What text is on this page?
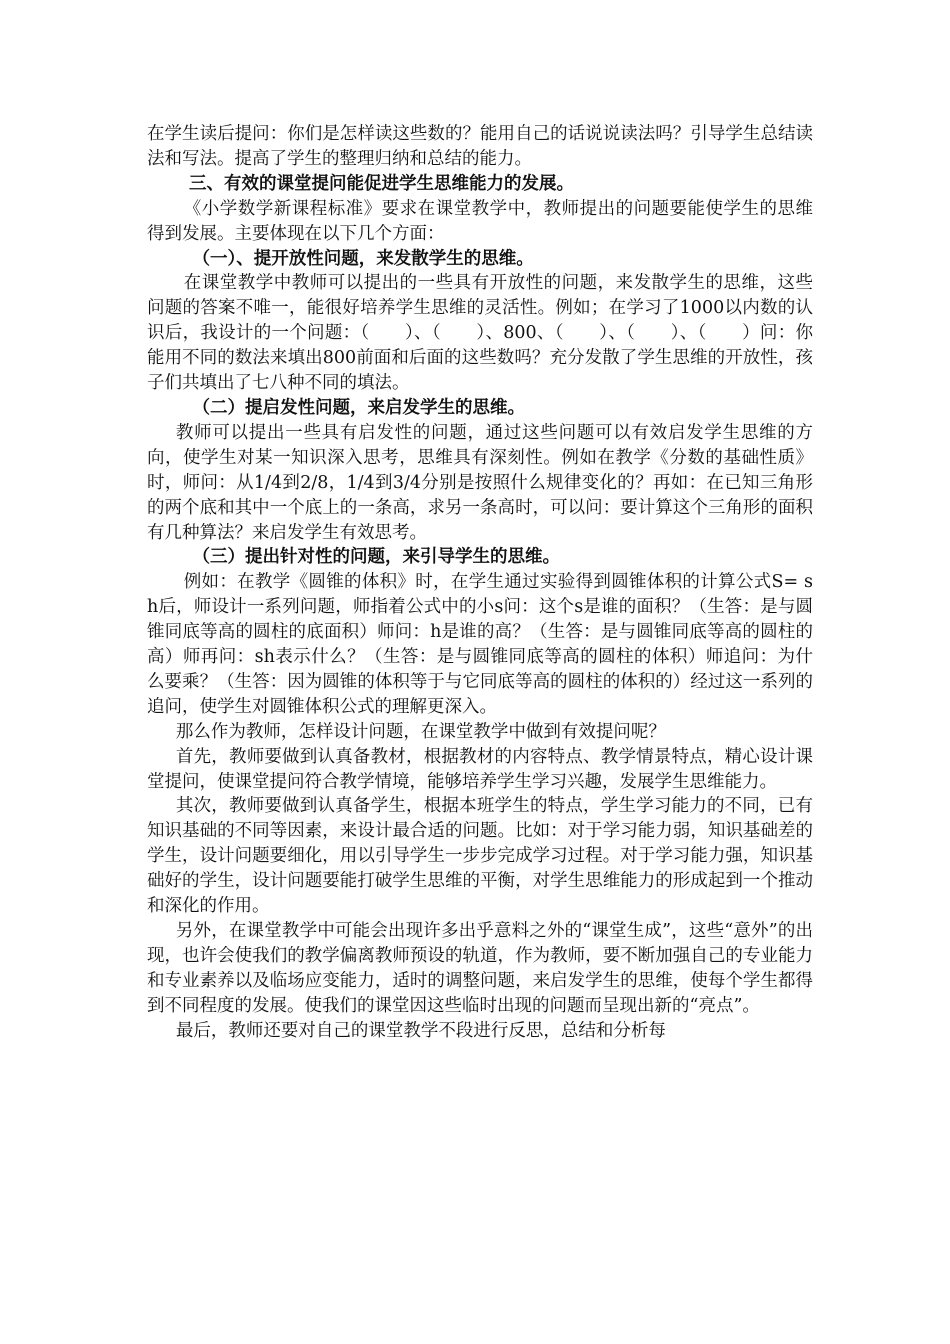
在学生读后提问：你们是怎样读这些数的？能用自己的话说说读法吗？引导学生总结读法和写法。提高了学生的整理归纳和总结的能力。

三、有效的课堂提问能促进学生思维能力的发展。

《小学数学新课程标准》要求在课堂教学中，教师提出的问题要能使学生的思维得到发展。主要体现在以下几个方面：

（一）、提开放性问题，来发散学生的思维。

在课堂教学中教师可以提出的一些具有开放性的问题，来发散学生的思维，这些问题的答案不唯一，能很好培养学生思维的灵活性。例如；在学习了1000以内数的认识后，我设计的一个问题：（　　）、（　　）、800、（　　）、（　　）、（　　）问：你能用不同的数法来填出800前面和后面的这些数吗？充分发散了学生思维的开放性，孩子们共填出了七八种不同的填法。

（二）提启发性问题，来启发学生的思维。

教师可以提出一些具有启发性的问题，通过这些问题可以有效启发学生思维的方向，使学生对某一知识深入思考，思维具有深刻性。例如在教学《分数的基础性质》时，师问：从1/4到2/8，1/4到3/4分别是按照什么规律变化的？再如：在已知三角形的两个底和其中一个底上的一条高，求另一条高时，可以问：要计算这个三角形的面积有几种算法？来启发学生有效思考。

（三）提出针对性的问题，来引导学生的思维。

例如：在教学《圆锥的体积》时，在学生通过实验得到圆锥体积的计算公式S= sh后，师设计一系列问题，师指着公式中的小s问：这个s是谁的面积？（生答：是与圆锥同底等高的圆柱的底面积）师问：h是谁的高？（生答：是与圆锥同底等高的圆柱的高）师再问：sh表示什么？（生答：是与圆锥同底等高的圆柱的体积）师追问：为什么要乘？（生答：因为圆锥的体积等于与它同底等高的圆柱的体积的）经过这一系列的追问，使学生对圆锥体积公式的理解更深入。

那么作为教师，怎样设计问题，在课堂教学中做到有效提问呢？

首先，教师要做到认真备教材，根据教材的内容特点、教学情景特点，精心设计课堂提问，使课堂提问符合教学情境，能够培养学生学习兴趣，发展学生思维能力。

其次，教师要做到认真备学生，根据本班学生的特点，学生学习能力的不同，已有知识基础的不同等因素，来设计最合适的问题。比如：对于学习能力弱，知识基础差的学生，设计问题要细化，用以引导学生一步步完成学习过程。对于学习能力强，知识基础好的学生，设计问题要能打破学生思维的平衡，对学生思维能力的形成起到一个推动和深化的作用。

另外，在课堂教学中可能会出现许多出乎意料之外的“课堂生成”，这些“意外”的出现，也许会使我们的教学偏离教师预设的轨道，作为教师，要不断加强自己的专业能力和专业素养以及临场应变能力，适时的调整问题，来启发学生的思维，使每个学生都得到不同程度的发展。使我们的课堂因这些临时出现的问题而呈现出新的“亮点”。

最后，教师还要对自己的课堂教学不段进行反思，总结和分析每
